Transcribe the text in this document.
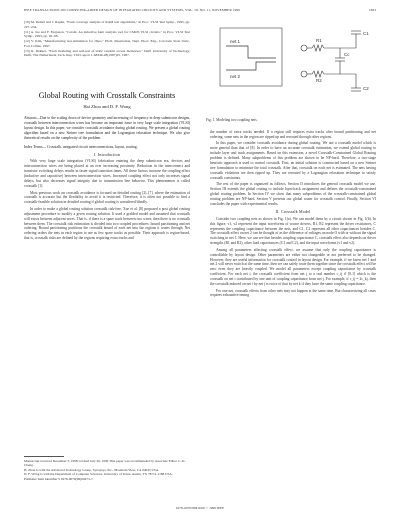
IEEE TRANSACTIONS ON COMPUTER-AIDED DESIGN OF INTEGRATED CIRCUITS AND SYSTEMS, VOL. 18, NO. 11, NOVEMBER 1999	1663
[10] M. Reidel and J. Rajski, "Fault coverage analysis of RAM test algorithms," in Proc. VLSI Test Symp., 1995, pp. 227–234.
[11] A. Jee and F. Ferguson, "Carafe: An inductive fault analysis tool for CMOS VLSI circuits," in Proc. VLSI Test Symp., 1993, pp. 92–98.
[12] V. Kim, "Manufacturing test simulation for chips," Ph.D. dissertation, Dept. Elect. Eng., Colorado State Univ., Fort Collins, 1997.
[13] R. Dekker, "Fault modeling and self-test of static random access memories," Delft University of Technology, Delft, The Netherlands, Tech. Rep. TUD report 1-68340-28(1987)25, 1987.
Global Routing with Crosstalk Constraints
Hai Zhou and D. F. Wong
Abstract—Due to the scaling down of device geometry and increasing of frequency in deep submicron designs, crosstalk between interconnection wires has become an important issue in very large scale integration (VLSI) layout design. In this paper, we consider crosstalk avoidance during global routing. We present a global routing algorithm based on a new Steiner tree formulation and the Lagrangian relaxation technique. We also give theoretical results on the complexity of the problem.
Index Terms— Crosstalk, integrated circuit interconnections, layout, routing.
I. Introduction

With very large scale integration (VLSI) fabrication entering the deep submicron era, devices and interconnection wires are being placed at an ever increasing proximity. Reduction in the interconnect and transistor switching delays results in faster signal transition times. All these factors increase the coupling effect (inductive and capacitive) between interconnection wires. Increased coupling effect not only increases signal delays, but also decreases signal integrity due to transmission line behavior. This phenomenon is called crosstalk [1].

Most previous work on crosstalk avoidance is focused on detailed routing [2]–[7], where the estimation of crosstalk is accurate but the flexibility to avoid it is restricted. Therefore, it is often not possible to find a crosstalk-feasible solution in detailed routing if global routing is considered blindly.

In order to make a global routing solution crosstalk risk-free, Xue et al. [8] proposed a post global routing adjustment procedure to modify a given routing solution. It used a gridded model and assumed that crosstalk will exists between adjacent wires. That is, if there is a spare track between two wires, then there is no crosstalk between them. The crosstalk risk estimation is divided into two coupled procedures: bound partitioning and net ordering. Bound partitioning partitions the crosstalk bound of each net into the regions it routes through. Net ordering orders the nets in each region to use as few spare tracks as possible. Their approach is region-based, that is, crosstalk risks are defined by the regions requiring extra tracks and

Manuscript received December 3, 1998; revised July 26, 1999 This paper was recommended by Associate Editor C.-K. Cheng.
H. Zhou is with the Advanced Technology Group, Synopsys, Inc., Mountain View, CA 94043 USA.
D. F. Wong is with the Department of Computer Sciences, University of Texas, Austin, TX 78712-1188 USA.
Publisher Item Identifier S 0278-0070(99)09473-7.
net 1
net 2
R1
R2
C1
C2
Cc
Fig. 1. Modeling two coupling nets.

the number of extra tracks needed. If a region still requires extra tracks after bound partitioning and net ordering, some nets in the region are ripped up and rerouted through other regions.

In this paper, we consider crosstalk avoidance during global routing. We use a crosstalk model which is more general than that of [8]. In order to have an accurate crosstalk estimation, we extend global routing to include layer and track assignments. Based on this extension, a novel Crosstalk-Constrained Global Routing problem is defined. Many subproblems of this problem are shown to be NP-hard. Therefore, a two-stage heuristic approach is used to control crosstalk. First, an initial solution is constructed based on a new Steiner tree formulation to minimize the total crosstalk. After that, crosstalk on each net is estimated. The nets having crosstalk violations are then ripped up. They are rerouted by a Lagrangian relaxation technique to satisfy crosstalk constraints.

The rest of the paper is organized as follows. Section II introduces the general crosstalk model we use. Section III extends the global routing to include layer/track assignment and defines the crosstalk-constrained global routing problem. In Section IV we show that many subproblems of the crosstalk-constrained global routing problem are NP-hard. Section V presents our global router for crosstalk control. Finally, Section VI concludes the paper with experimental results.

II. Crosstalk Model

Consider two coupling nets as shown in Fig. 1(a). We can model them by a circuit shown in Fig. 1(b). In this figure, v1, v2 represent the input waveforms of source drivers, R1, R2 represent the driver resistances, C represents the coupling capacitance between the nets, and C1, C2 represent all other capacitances besides C. The crosstalk effect on net 2 can be thought of as the difference of voltages on node O with or without the signal switching in net 1. Here, we can see that besides coupling capacitance C, crosstalk effect also depends on driver strengths (R1 and R2), other load capacitances (C1 and C2), and the input waveforms (v1 and v2).

Among all parameters affecting crosstalk effect, we assume that only the coupling capacitance is controllable by layout design. Other parameters are either not changeable or not preferred to be changed. However, they are useful information for crosstalk control in layout design. For example, if we know net 1 and net 2 will never switch at the same time, then we can safely route them together since the crosstalk effect will be zero even they are heavily coupled. We model all parameters except coupling capacitance by crosstalk coefficient. For each net i, the crosstalk coefficient from net j to a real number c_ij ∈ [0,1] which is the crosstalk on net i contributed by one unit of coupling capacitance from net j. For example, if c_ij = 2c_kj, then the crosstalk induced on net i by net j is twice of that by net k if they have the same coupling capacitance.

For one net, crosstalk effects from other nets may not happen at the same time. But characterizing all cases requires exhaustive timing

0278–0070/99$10.00 © 1999 IEEE
